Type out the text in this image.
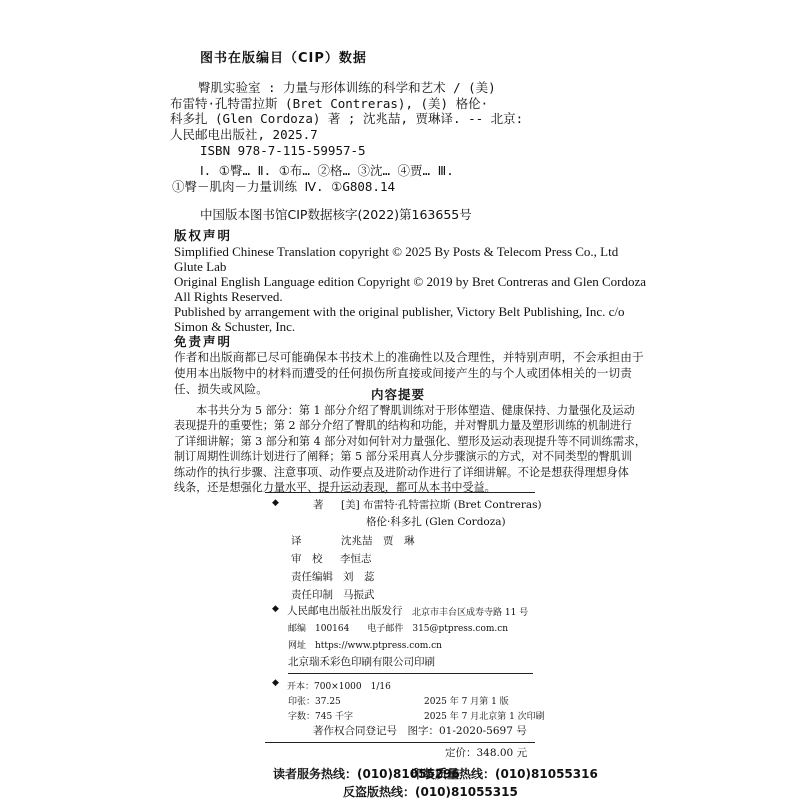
图书在版编目（CIP）数据
臀肌实验室 : 力量与形体训练的科学和艺术 / (美)
布雷特·孔特雷拉斯 (Bret Contreras), (美) 格伦·
科多扎 (Glen Cordoza) 著 ; 沈兆喆, 贾琳译. -- 北京:
人民邮电出版社, 2025.7
ISBN 978-7-115-59957-5
Ⅰ. ①臀… Ⅱ. ①布… ②格… ③沈… ④贾… Ⅲ.
①臀－肌肉－力量训练 Ⅳ. ①G808.14
中国版本图书馆CIP数据核字(2022)第163655号
版权声明
Simplified Chinese Translation copyright © 2025 By Posts & Telecom Press Co., Ltd
Glute Lab
Original English Language edition Copyright © 2019 by Bret Contreras and Glen Cordoza
All Rights Reserved.
Published by arrangement with the original publisher, Victory Belt Publishing, Inc. c/o
Simon & Schuster, Inc.
免责声明
作者和出版商都已尽可能确保本书技术上的准确性以及合理性，并特别声明，不会承担由于
使用本出版物中的材料而遭受的任何损伤所直接或间接产生的与个人或团体相关的一切责
任、损失或风险。	内容提要
本书共分为 5 部分：第 1 部分介绍了臀肌训练对于形体塑造、健康保持、力量强化及运动
表现提升的重要性；第 2 部分介绍了臀肌的结构和功能，并对臀肌力量及塑形训练的机制进行
了详细讲解；第 3 部分和第 4 部分对如何针对力量强化、塑形及运动表现提升等不同训练需求，
制订周期性训练计划进行了阐释；第 5 部分采用真人分步骤演示的方式，对不同类型的臀肌训
练动作的执行步骤、注意事项、动作要点及进阶动作进行了详细讲解。不论是想获得理想身体
线条，还是想强化力量水平、提升运动表现，都可从本书中受益。
◆	著 [美] 布雷特·孔特雷拉斯 (Bret Contreras)
格伦·科多扎 (Glen Cordoza)
译	沈兆喆　贾　琳
审　校 李恒志
责任编辑 刘　蕊
责任印制 马振武
◆ 人民邮电出版社出版发行 北京市丰台区成寿寺路 11 号
邮编　100164　　电子邮件　315@ptpress.com.cn
网址　https://www.ptpress.com.cn
北京瑞禾彩色印刷有限公司印刷
◆ 开本：700×1000　1/16
印张：37.25	2025 年 7 月第 1 版
字数：745 千字	2025 年 7 月北京第 1 次印刷
著作权合同登记号　图字：01-2020-5697 号
定价：348.00 元
读者服务热线：(010)81055296
印装质量热线：(010)81055316
反盗版热线：(010)81055315
